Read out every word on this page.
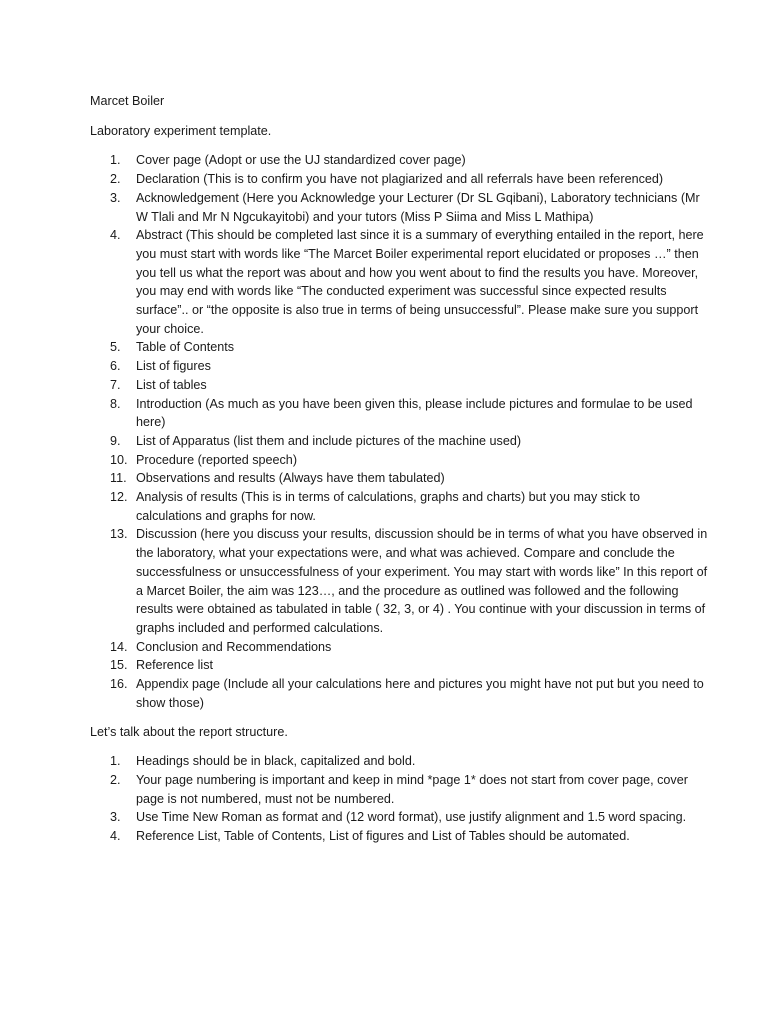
Marcet Boiler

Laboratory experiment template.

1. Cover page (Adopt or use the UJ standardized cover page)
2. Declaration (This is to confirm you have not plagiarized and all referrals have been referenced)
3. Acknowledgement (Here you Acknowledge your Lecturer (Dr SL Gqibani), Laboratory technicians (Mr W Tlali and Mr N Ngcukayitobi) and your tutors (Miss P Siima and Miss L Mathipa)
4. Abstract (This should be completed last since it is a summary of everything entailed in the report, here you must start with words like “The Marcet Boiler experimental report elucidated or proposes …” then you tell us what the report was about and how you went about to find the results you have. Moreover, you may end with words like “The conducted experiment was successful since expected results surface”.. or “the opposite is also true in terms of being unsuccessful”. Please make sure you support your choice.
5. Table of Contents
6. List of figures
7. List of tables
8. Introduction (As much as you have been given this, please include pictures and formulae to be used here)
9. List of Apparatus (list them and include pictures of the machine used)
10. Procedure (reported speech)
11. Observations and results (Always have them tabulated)
12. Analysis of results (This is in terms of calculations, graphs and charts) but you may stick to calculations and graphs for now.
13. Discussion (here you discuss your results, discussion should be in terms of what you have observed in the laboratory, what your expectations were, and what was achieved. Compare and conclude the successfulness or unsuccessfulness of your experiment. You may start with words like” In this report of a Marcet Boiler, the aim was 123…, and the procedure as outlined was followed and the following results were obtained as tabulated in table ( 32, 3, or 4) . You continue with your discussion in terms of graphs included and performed calculations.
14. Conclusion and Recommendations
15. Reference list
16. Appendix page (Include all your calculations here and pictures you might have not put but you need to show those)

Let’s talk about the report structure.

1. Headings should be in black, capitalized and bold.
2. Your page numbering is important and keep in mind *page 1* does not start from cover page, cover page is not numbered, must not be numbered.
3. Use Time New Roman as format and (12 word format), use justify alignment and 1.5 word spacing.
4. Reference List, Table of Contents, List of figures and List of Tables should be automated.
